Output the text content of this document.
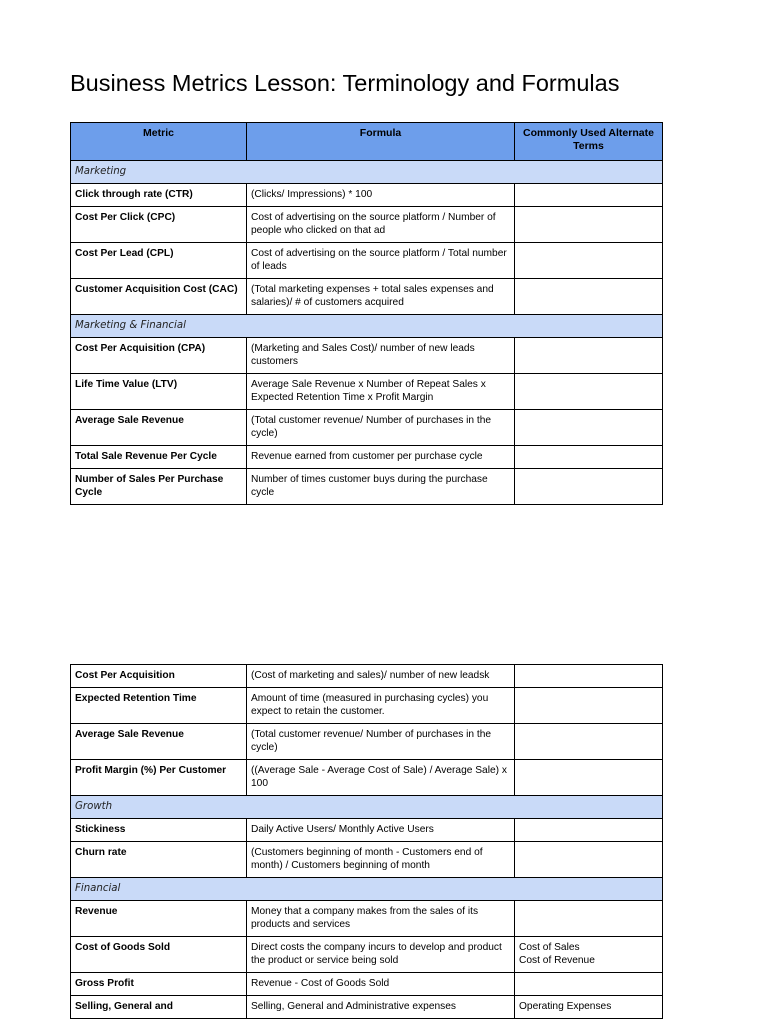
Business Metrics Lesson: Terminology and Formulas
Metric	Formula	Commonly Used Alternate Terms
Marketing		
Click through rate (CTR)	(Clicks/ Impressions) * 100	
Cost Per Click (CPC)	Cost of advertising on the source platform / Number of people who clicked on that ad	
Cost Per Lead (CPL)	Cost of advertising on the source platform / Total number of leads	
Customer Acquisition Cost (CAC)	(Total marketing expenses + total sales expenses and salaries)/ # of customers acquired	
Marketing & Financial		
Cost Per Acquisition (CPA)	(Marketing and Sales Cost)/ number of new leads customers	
Life Time Value (LTV)	Average Sale Revenue x Number of Repeat Sales x Expected Retention Time x Profit Margin	
Average Sale Revenue	(Total customer revenue/ Number of purchases in the cycle)	
Total Sale Revenue Per Cycle	Revenue earned from customer per purchase cycle	
Number of Sales Per Purchase Cycle	Number of times customer buys during the purchase cycle	
Cost Per Acquisition	(Cost of marketing and sales)/ number of new leadsk	
Expected Retention Time	Amount of time (measured in purchasing cycles) you expect to retain the customer.	
Average Sale Revenue	(Total customer revenue/ Number of purchases in the cycle)	
Profit Margin (%) Per Customer	((Average Sale - Average Cost of Sale) / Average Sale) x 100	
Growth		
Stickiness	Daily Active Users/ Monthly Active Users	
Churn rate	(Customers beginning of month - Customers end of month) / Customers beginning of month	
Financial		
Revenue	Money that a company makes from the sales of its products and services	
Cost of Goods Sold	Direct costs the company incurs to develop and product the product or service being sold	Cost of Sales
Cost of Revenue
Gross Profit	Revenue - Cost of Goods Sold	
Selling, General and	Selling, General and Administrative expenses	Operating Expenses
